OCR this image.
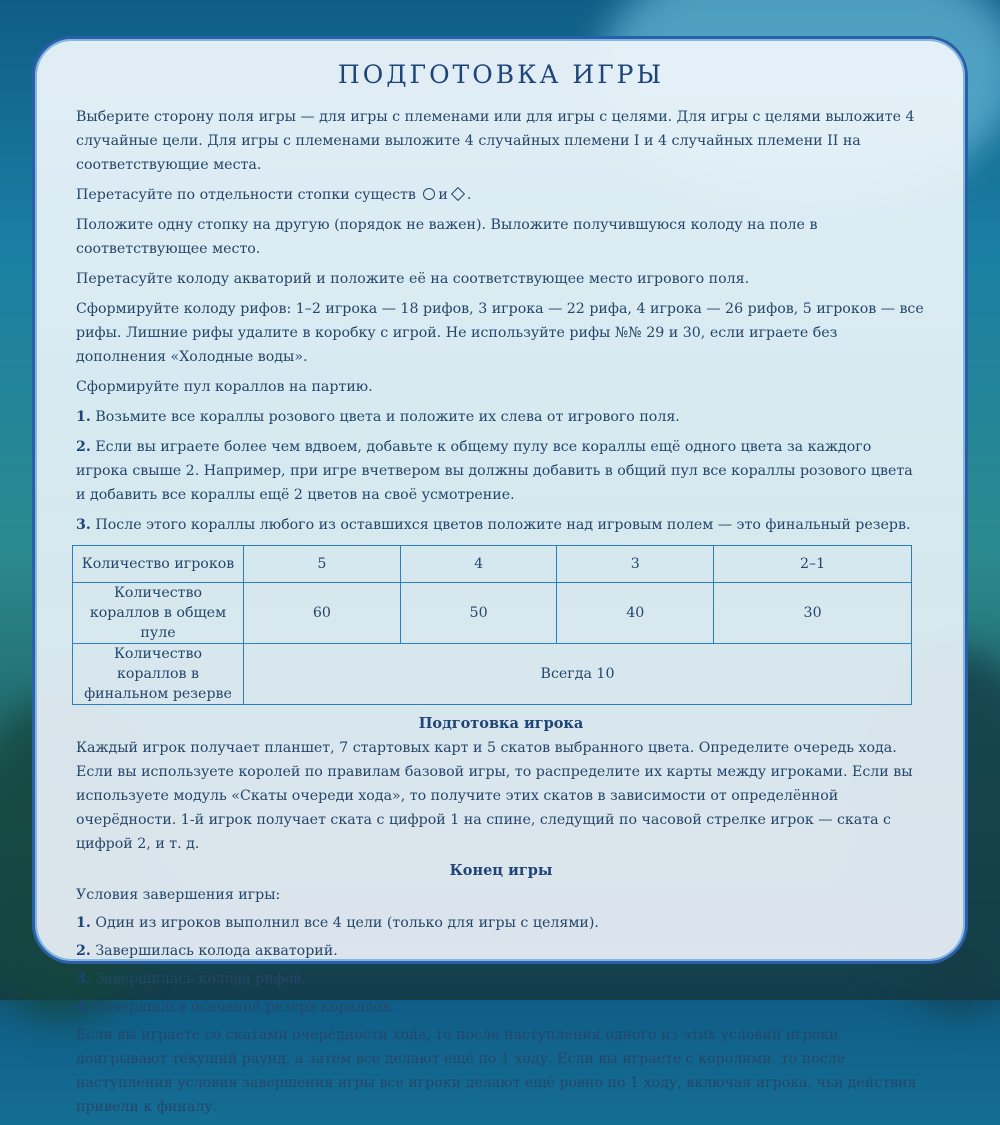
ПОДГОТОВКА ИГРЫ

Выберите сторону поля игры — для игры с племенами или для игры с целями. Для игры с целями выложите 4 случайные цели. Для игры с племенами выложите 4 случайных племени I и 4 случайных племени II на соответствующие места.

Перетасуйте по отдельности стопки существ и .

Положите одну стопку на другую (порядок не важен). Выложите получившуюся колоду на поле в соответствующее место.

Перетасуйте колоду акваторий и положите её на соответствующее место игрового поля.

Сформируйте колоду рифов: 1–2 игрока — 18 рифов, 3 игрока — 22 рифа, 4 игрока — 26 рифов, 5 игроков — все рифы. Лишние рифы удалите в коробку с игрой. Не используйте рифы №№ 29 и 30, если играете без дополнения «Холодные воды».

Сформируйте пул кораллов на партию.

1. Возьмите все кораллы розового цвета и положите их слева от игрового поля.

2. Если вы играете более чем вдвоем, добавьте к общему пулу все кораллы ещё одного цвета за каждого игрока свыше 2. Например, при игре вчетвером вы должны добавить в общий пул все кораллы розового цвета и добавить все кораллы ещё 2 цветов на своё усмотрение.

3. После этого кораллы любого из оставшихся цветов положите над игровым полем — это финальный резерв.

Количество игроков	5	4	3	2–1
Количество кораллов в общем пуле	60	50	40	30
Количество кораллов в финальном резерве	Всегда 10			
Подготовка игрока

Каждый игрок получает планшет, 7 стартовых карт и 5 скатов выбранного цвета. Определите очередь хода. Если вы используете королей по правилам базовой игры, то распределите их карты между игроками. Если вы используете модуль «Скаты очереди хода», то получите этих скатов в зависимости от определённой очерёдности. 1-й игрок получает ската с цифрой 1 на спине, следущий по часовой стрелке игрок — ската с цифрой 2, и т. д.

Конец игры

Условия завершения игры:

1. Один из игроков выполнил все 4 цели (только для игры с целями).

2. Завершилась колода акваторий.

3. Завершилась колода рифов.

4. Завершился основной резерв кораллов.

Если вы играете со скатами очерёдности хода, то после наступления одного из этих условий игроки доигрывают текущий раунд, а затем все делают ещё по 1 ходу. Если вы играете с королями, то после наступления условия завершения игры все игроки делают ещё ровно по 1 ходу, включая игрока, чьи действия привели к финалу.
